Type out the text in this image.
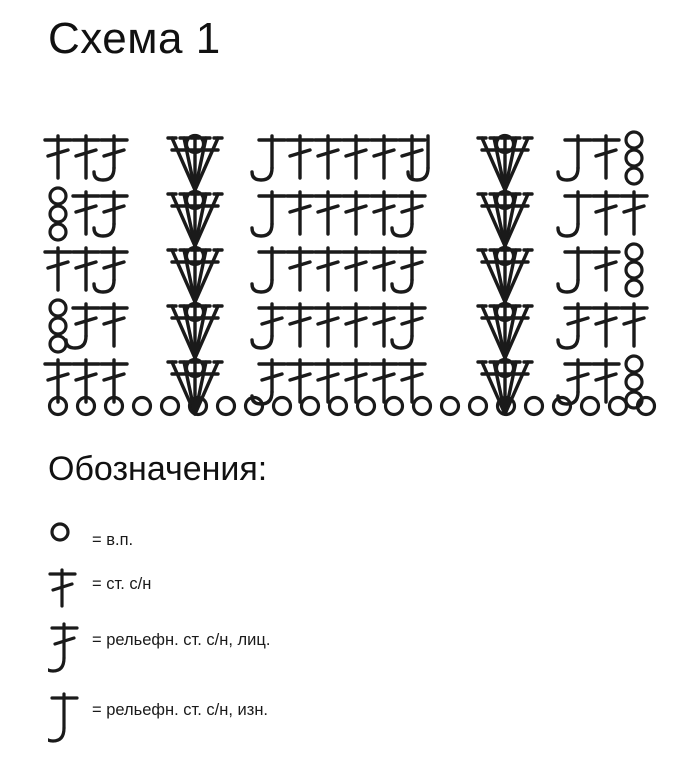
Схема 1
Обозначения:
= в.п.
= ст. с/н
= рельефн. ст. с/н, лиц.
= рельефн. ст. с/н, изн.
